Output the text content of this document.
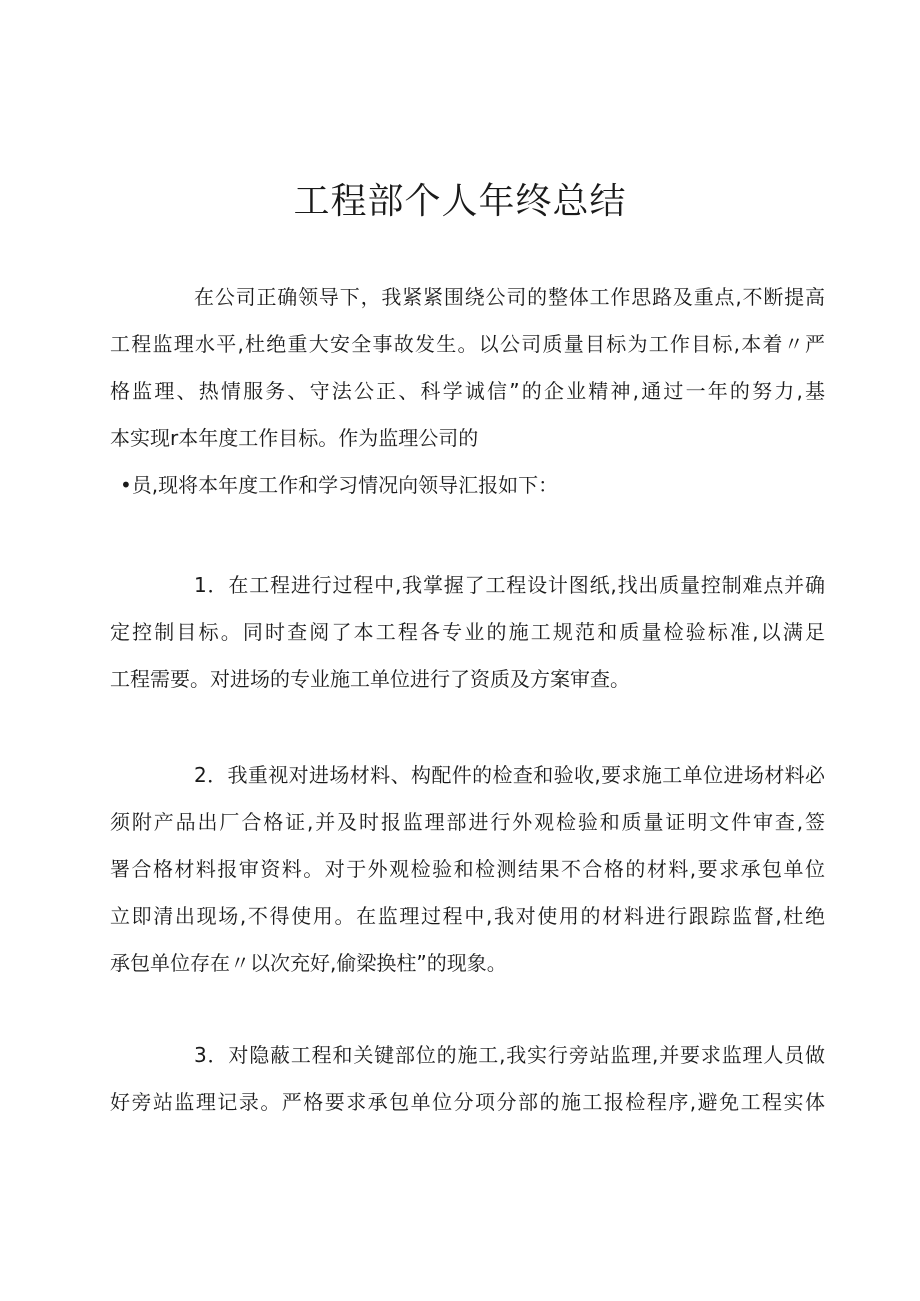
工程部个人年终总结
在公司正确领导下，我紧紧围绕公司的整体工作思路及重点,不断提高
工程监理水平,杜绝重大安全事故发生。以公司质量目标为工作目标,本着〃严
格监理、热情服务、守法公正、科学诚信”的企业精神,通过一年的努力,基
本实现r本年度工作目标。作为监理公司的
•员,现将本年度工作和学习情况向领导汇报如下：
1．在工程进行过程中,我掌握了工程设计图纸,找出质量控制难点并确
定控制目标。同时查阅了本工程各专业的施工规范和质量检验标准,以满足
工程需要。对进场的专业施工单位进行了资质及方案审查。
2．我重视对进场材料、构配件的检查和验收,要求施工单位进场材料必
须附产品出厂合格证,并及时报监理部进行外观检验和质量证明文件审查,签
署合格材料报审资料。对于外观检验和检测结果不合格的材料,要求承包单位
立即清出现场,不得使用。在监理过程中,我对使用的材料进行跟踪监督,杜绝
承包单位存在〃以次充好,偷梁换柱”的现象。
3．对隐蔽工程和关键部位的施工,我实行旁站监理,并要求监理人员做
好旁站监理记录。严格要求承包单位分项分部的施工报检程序,避免工程实体
